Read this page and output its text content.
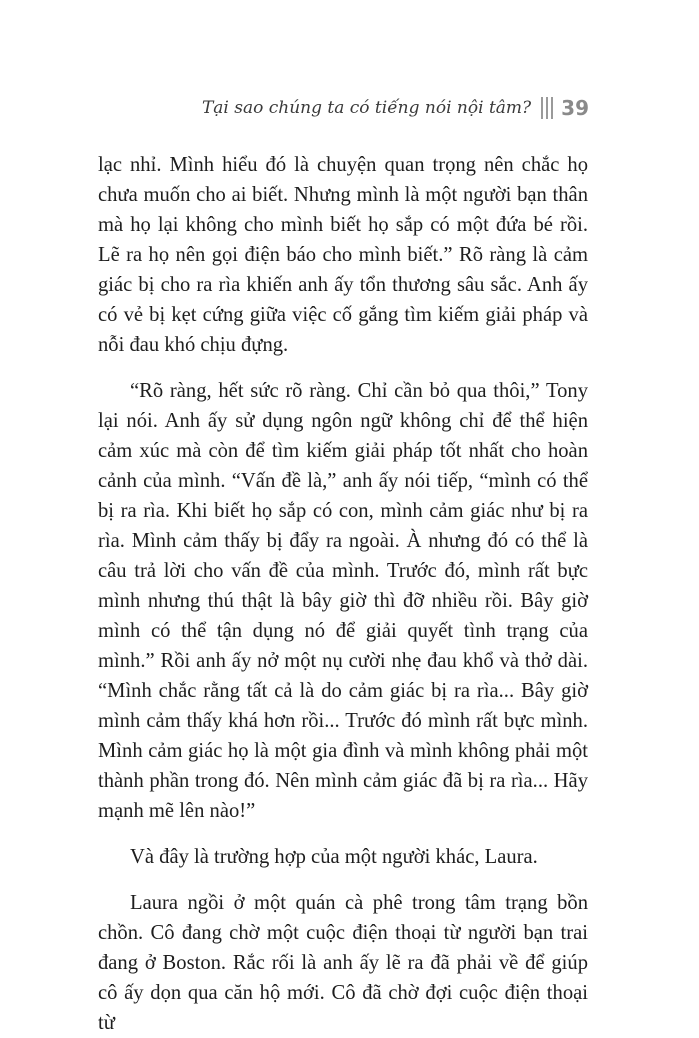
Tại sao chúng ta có tiếng nói nội tâm? 39

lạc nhỉ. Mình hiểu đó là chuyện quan trọng nên chắc họ chưa muốn cho ai biết. Nhưng mình là một người bạn thân mà họ lại không cho mình biết họ sắp có một đứa bé rồi. Lẽ ra họ nên gọi điện báo cho mình biết.” Rõ ràng là cảm giác bị cho ra rìa khiến anh ấy tổn thương sâu sắc. Anh ấy có vẻ bị kẹt cứng giữa việc cố gắng tìm kiếm giải pháp và nỗi đau khó chịu đựng.

“Rõ ràng, hết sức rõ ràng. Chỉ cần bỏ qua thôi,” Tony lại nói. Anh ấy sử dụng ngôn ngữ không chỉ để thể hiện cảm xúc mà còn để tìm kiếm giải pháp tốt nhất cho hoàn cảnh của mình. “Vấn đề là,” anh ấy nói tiếp, “mình có thể bị ra rìa. Khi biết họ sắp có con, mình cảm giác như bị ra rìa. Mình cảm thấy bị đẩy ra ngoài. À nhưng đó có thể là câu trả lời cho vấn đề của mình. Trước đó, mình rất bực mình nhưng thú thật là bây giờ thì đỡ nhiều rồi. Bây giờ mình có thể tận dụng nó để giải quyết tình trạng của mình.” Rồi anh ấy nở một nụ cười nhẹ đau khổ và thở dài. “Mình chắc rằng tất cả là do cảm giác bị ra rìa... Bây giờ mình cảm thấy khá hơn rồi... Trước đó mình rất bực mình. Mình cảm giác họ là một gia đình và mình không phải một thành phần trong đó. Nên mình cảm giác đã bị ra rìa... Hãy mạnh mẽ lên nào!”

Và đây là trường hợp của một người khác, Laura.

Laura ngồi ở một quán cà phê trong tâm trạng bồn chồn. Cô đang chờ một cuộc điện thoại từ người bạn trai đang ở Boston. Rắc rối là anh ấy lẽ ra đã phải về để giúp cô ấy dọn qua căn hộ mới. Cô đã chờ đợi cuộc điện thoại từ
